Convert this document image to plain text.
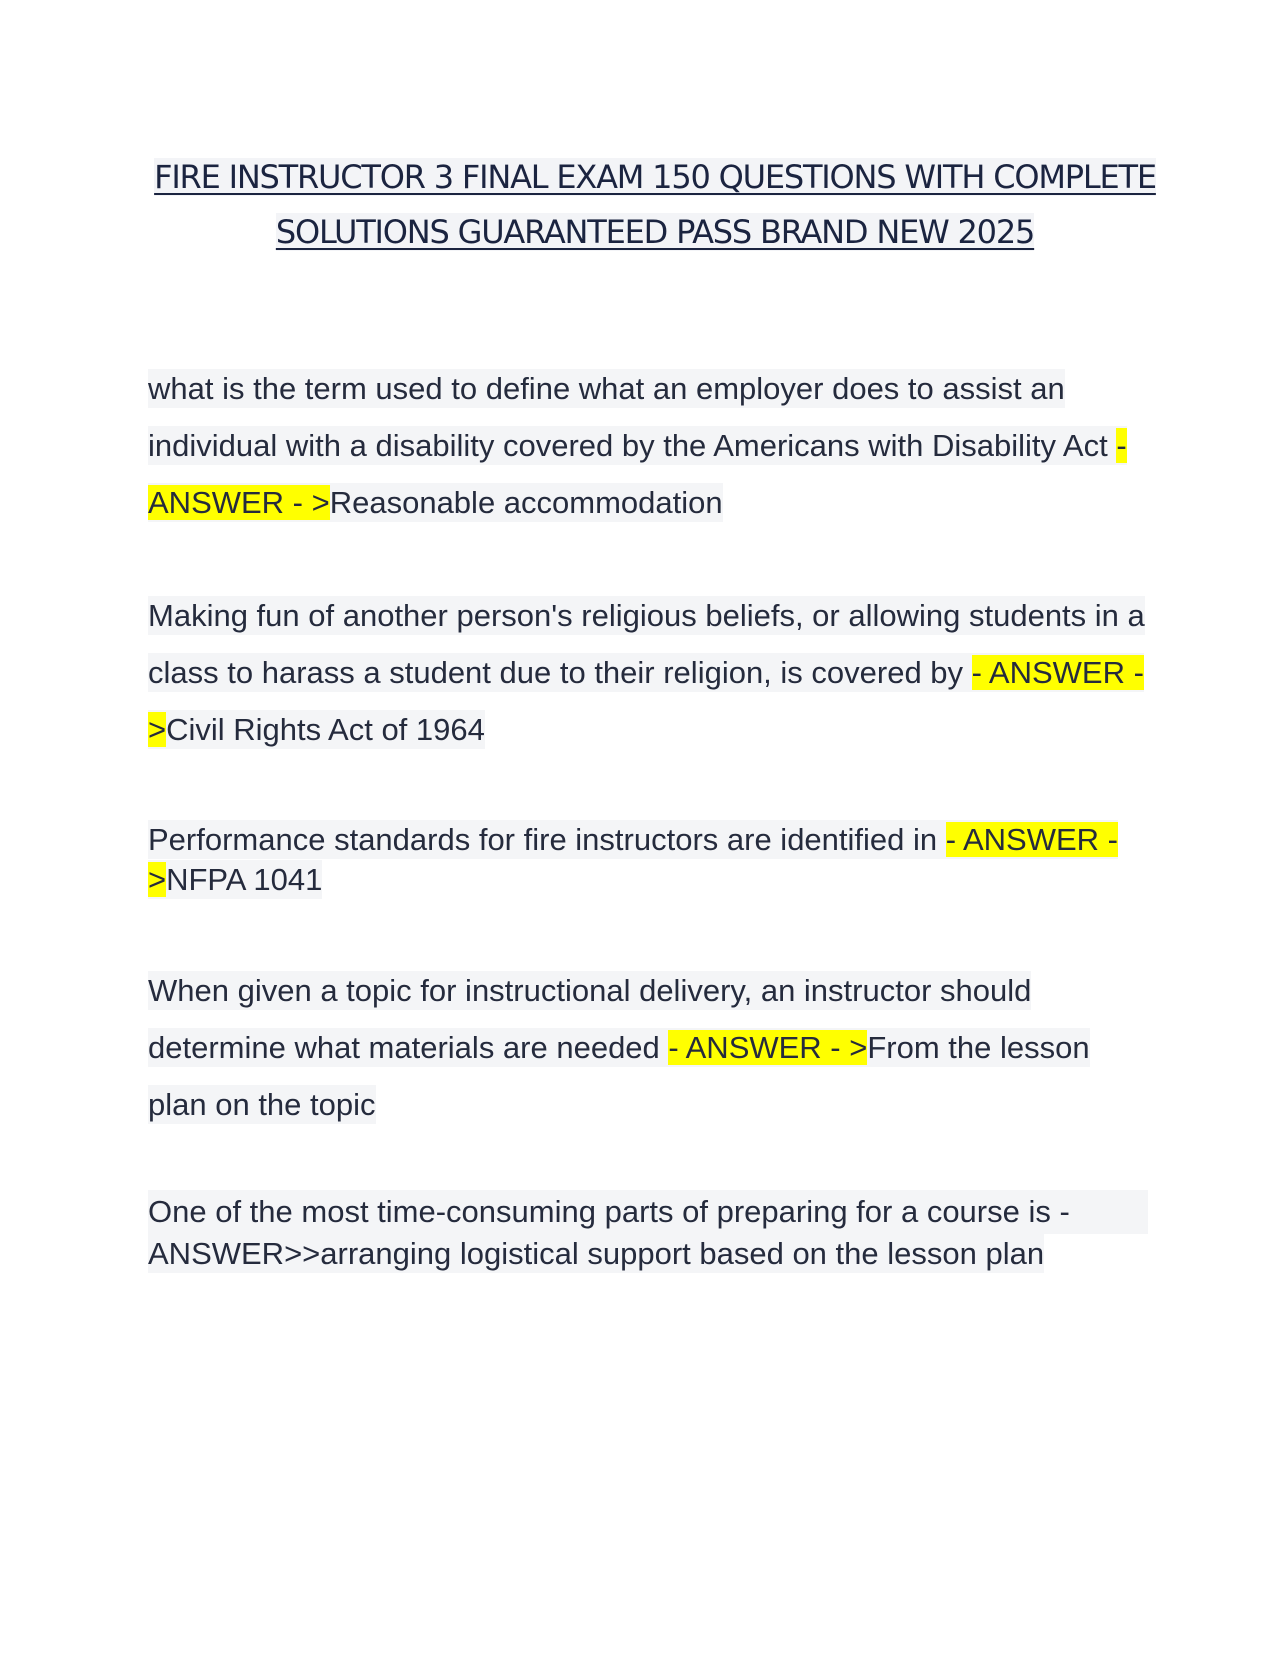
FIRE INSTRUCTOR 3 FINAL EXAM 150 QUESTIONS WITH COMPLETE SOLUTIONS GUARANTEED PASS BRAND NEW 2025
what is the term used to define what an employer does to assist an individual with a disability covered by the Americans with Disability Act - ANSWER - >Reasonable accommodation
Making fun of another person's religious beliefs, or allowing students in a class to harass a student due to their religion, is covered by - ANSWER - >Civil Rights Act of 1964
Performance standards for fire instructors are identified in - ANSWER - >NFPA 1041
When given a topic for instructional delivery, an instructor should determine what materials are needed - ANSWER - >From the lesson plan on the topic
One of the most time-consuming parts of preparing for a course is -
ANSWER>>arranging logistical support based on the lesson plan
